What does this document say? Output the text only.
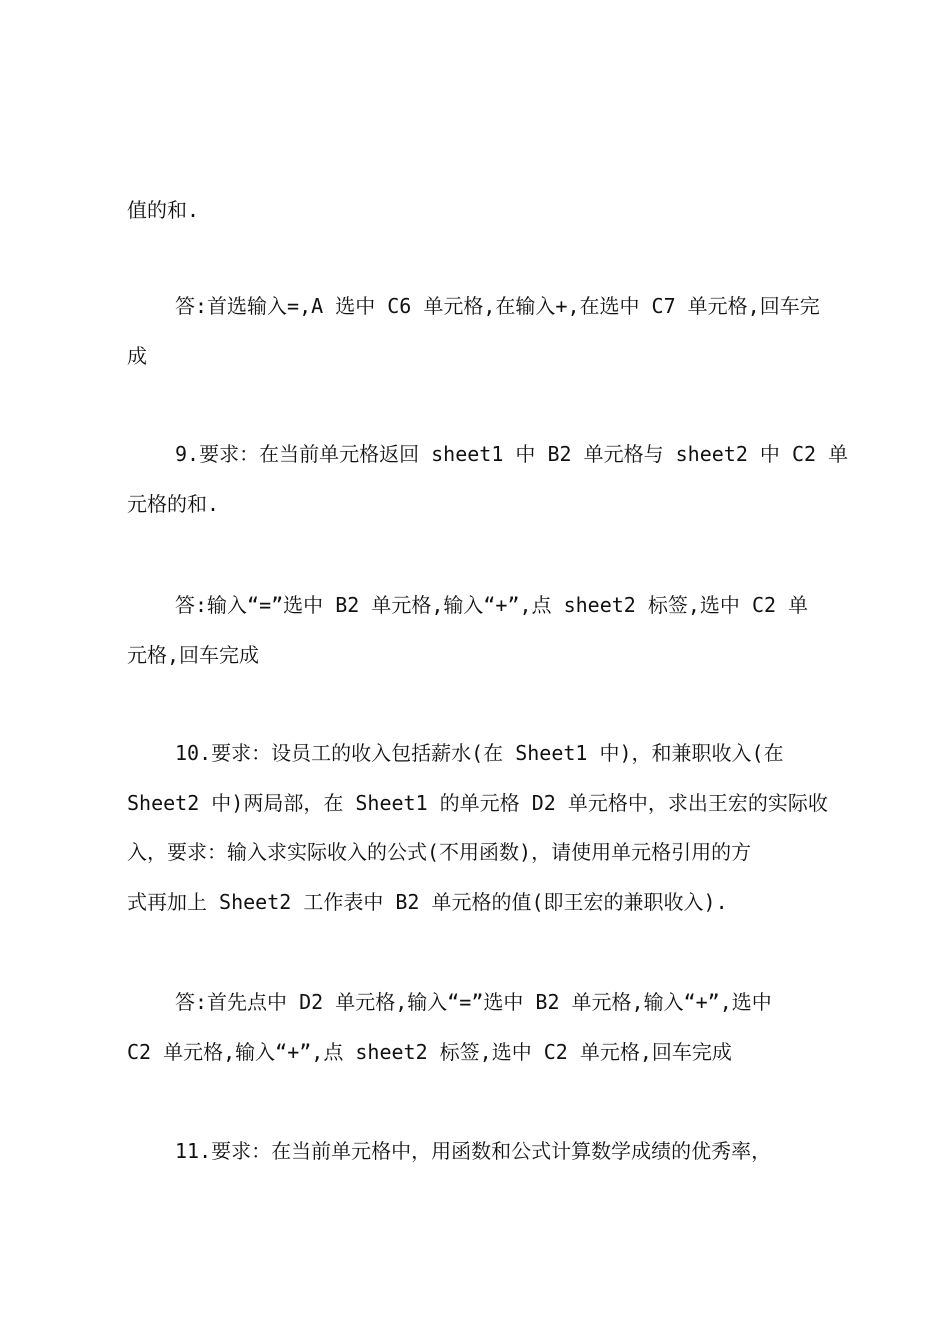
值的和.
答:首选输入=,A 选中 C6 单元格,在输入+,在选中 C7 单元格,回车完
成
9.要求：在当前单元格返回 sheet1 中 B2 单元格与 sheet2 中 C2 单
元格的和.
答:输入“=”选中 B2 单元格,输入“+”,点 sheet2 标签,选中 C2 单
元格,回车完成
10.要求：设员工的收入包括薪水(在 Sheet1 中)，和兼职收入(在
Sheet2 中)两局部，在 Sheet1 的单元格 D2 单元格中，求出王宏的实际收
入，要求：输入求实际收入的公式(不用函数)，请使用单元格引用的方
式再加上 Sheet2 工作表中 B2 单元格的值(即王宏的兼职收入).
答:首先点中 D2 单元格,输入“=”选中 B2 单元格,输入“+”,选中
C2 单元格,输入“+”,点 sheet2 标签,选中 C2 单元格,回车完成
11.要求：在当前单元格中，用函数和公式计算数学成绩的优秀率，
